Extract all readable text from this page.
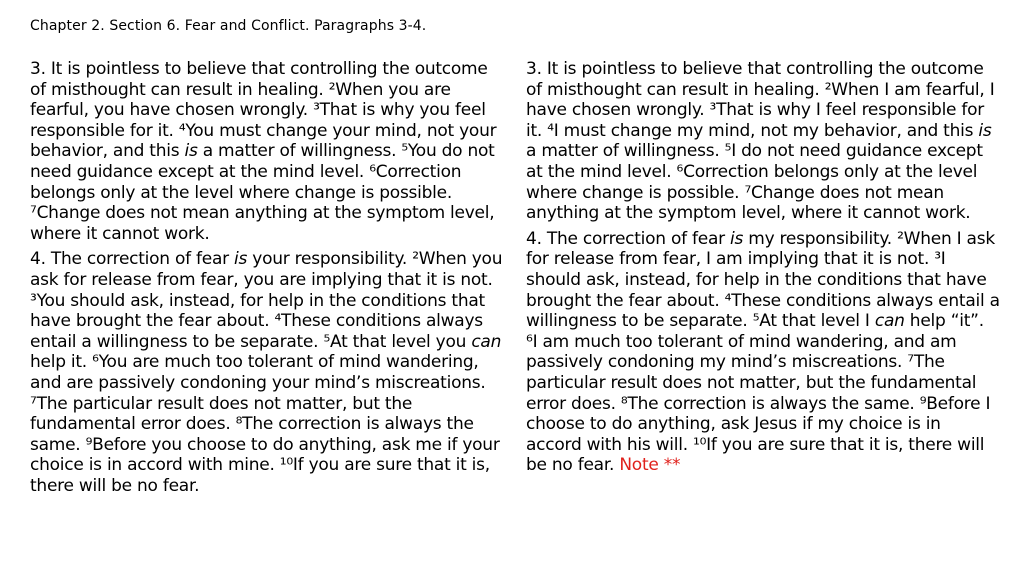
Chapter 2. Section 6. Fear and Conflict. Paragraphs 3-4.

3. It is pointless to believe that controlling the outcome of misthought can result in healing. ²When you are fearful, you have chosen wrongly. ³That is why you feel responsible for it. ⁴You must change your mind, not your behavior, and this is a matter of willingness. ⁵You do not need guidance except at the mind level. ⁶Correction belongs only at the level where change is possible. ⁷Change does not mean anything at the symptom level, where it cannot work.

4. The correction of fear is your responsibility. ²When you ask for release from fear, you are implying that it is not. ³You should ask, instead, for help in the conditions that have brought the fear about. ⁴These conditions always entail a willingness to be separate. ⁵At that level you can help it. ⁶You are much too tolerant of mind wandering, and are passively condoning your mind’s miscreations. ⁷The particular result does not matter, but the fundamental error does. ⁸The correction is always the same. ⁹Before you choose to do anything, ask me if your choice is in accord with mine. ¹⁰If you are sure that it is, there will be no fear.

3. It is pointless to believe that controlling the outcome of misthought can result in healing. ²When I am fearful, I have chosen wrongly. ³That is why I feel responsible for it. ⁴I must change my mind, not my behavior, and this is a matter of willingness. ⁵I do not need guidance except at the mind level. ⁶Correction belongs only at the level where change is possible. ⁷Change does not mean anything at the symptom level, where it cannot work.

4. The correction of fear is my responsibility. ²When I ask for release from fear, I am implying that it is not. ³I should ask, instead, for help in the conditions that have brought the fear about. ⁴These conditions always entail a willingness to be separate. ⁵At that level I can help “it”. ⁶I am much too tolerant of mind wandering, and am passively condoning my mind’s miscreations. ⁷The particular result does not matter, but the fundamental error does. ⁸The correction is always the same. ⁹Before I choose to do anything, ask Jesus if my choice is in accord with his will. ¹⁰If you are sure that it is, there will be no fear. Note **
